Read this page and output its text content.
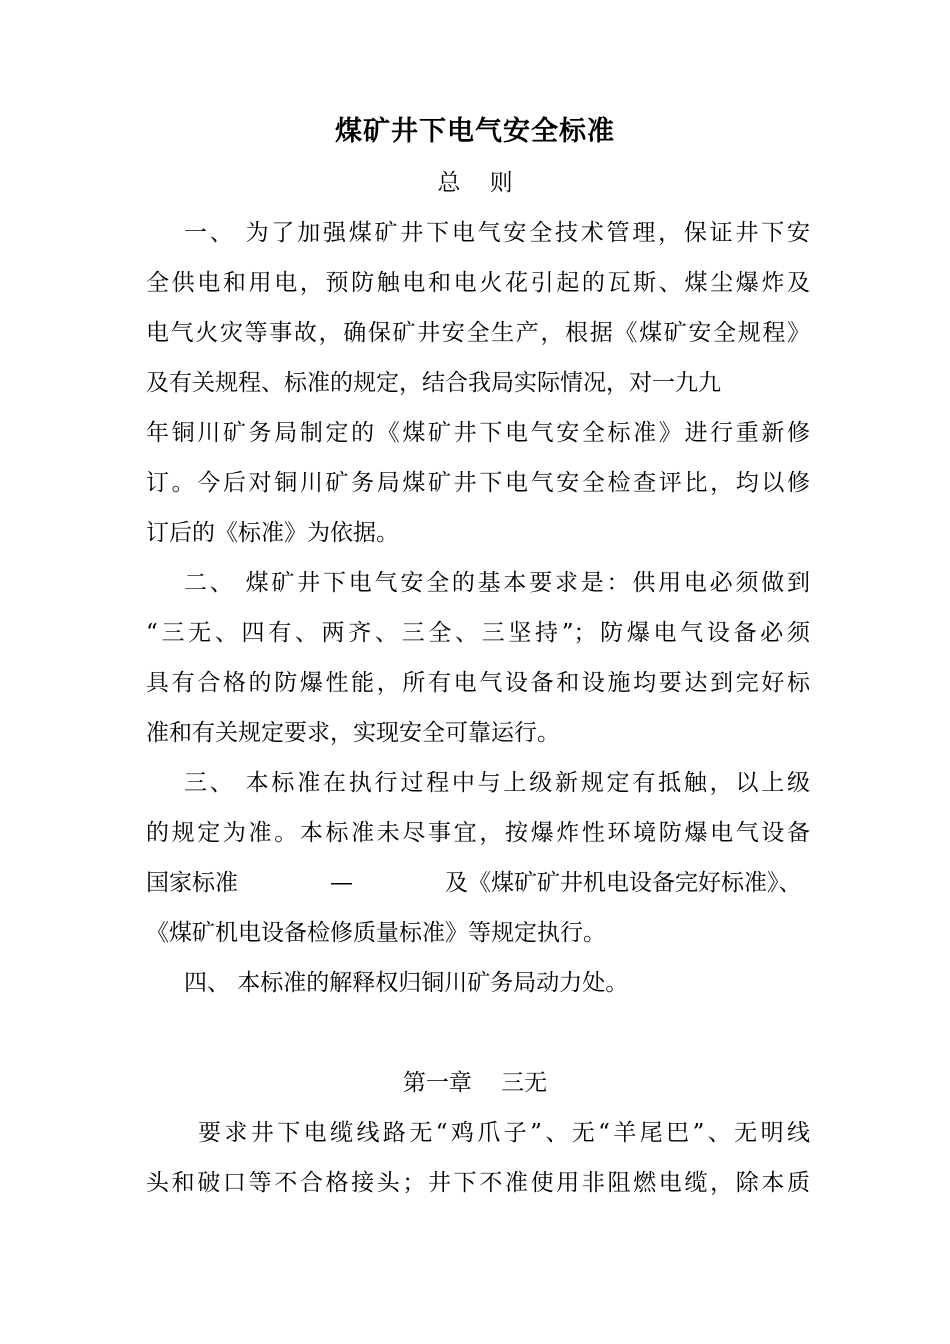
煤矿井下电气安全标准
总    则
一、 为了加强煤矿井下电气安全技术管理，保证井下安
全供电和用电，预防触电和电火花引起的瓦斯、煤尘爆炸及
电气火灾等事故，确保矿井安全生产，根据《煤矿安全规程》
及有关规程、标准的规定，结合我局实际情况，对一九九
年铜川矿务局制定的《煤矿井下电气安全标准》进行重新修
订。今后对铜川矿务局煤矿井下电气安全检查评比，均以修
订后的《标准》为依据。
二、 煤矿井下电气安全的基本要求是：供用电必须做到
“三无、四有、两齐、三全、三坚持”；防爆电气设备必须
具有合格的防爆性能，所有电气设备和设施均要达到完好标
准和有关规定要求，实现安全可靠运行。
三、 本标准在执行过程中与上级新规定有抵触，以上级
的规定为准。本标准未尽事宜，按爆炸性环境防爆电气设备
国家标准	—	及《煤矿矿井机电设备完好标准》、
《煤矿机电设备检修质量标准》等规定执行。
四、 本标准的解释权归铜川矿务局动力处。
第一章    三无
要求井下电缆线路无“鸡爪子”、无“羊尾巴”、无明线
头和破口等不合格接头；井下不准使用非阻燃电缆，除本质
